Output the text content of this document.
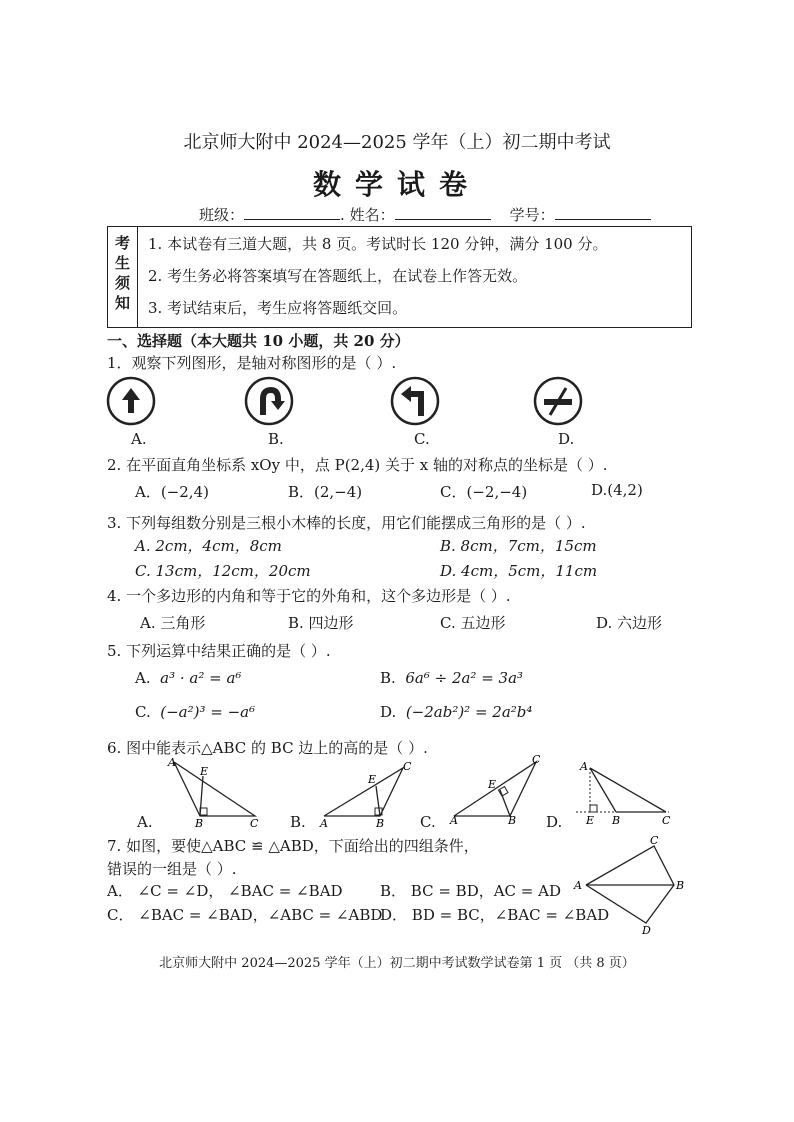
北京师大附中 2024—2025 学年（上）初二期中考试
数学试卷
班级：	. 姓名：	学号：
考
生
须
知
1. 本试卷有三道大题，共 8 页。考试时长 120 分钟，满分 100 分。
2. 考生务必将答案填写在答题纸上，在试卷上作答无效。
3. 考试结束后，考生应将答题纸交回。
一、选择题（本大题共 10 小题，共 20 分）
1．观察下列图形，是轴对称图形的是（ ）.
A.	B.	C.	D.
2. 在平面直角坐标系 xOy 中，点 P(2,4) 关于 x 轴的对称点的坐标是（ ）.
A．(−2,4)	B．(2,−4)	C．(−2,−4)	D.(4,2)
3. 下列每组数分别是三根小木棒的长度，用它们能摆成三角形的是（ ）.
A. 2cm，4cm，8cm	B. 8cm，7cm，15cm
C. 13cm，12cm，20cm	D. 4cm，5cm，11cm
4. 一个多边形的内角和等于它的外角和，这个多边形是（ ）.
A. 三角形	B. 四边形	C. 五边形	D. 六边形
5. 下列运算中结果正确的是（ ）.
A. a³ · a² = a⁶	B. 6a⁶ ÷ 2a² = 3a³
C. (−a²)³ = −a⁶	D. (−2ab²)² = 2a²b⁴
6. 图中能表示△ABC 的 BC 边上的高的是（ ）.
A
E
B	C
A.
E
C
A	B
B.
E
C
A	B
C.
A
E B	C
D.
7. 如图，要使△ABC ≌ △ABD，下面给出的四组条件，
错误的一组是（ ）.
A． ∠C = ∠D， ∠BAC = ∠BAD B． BC = BD，AC = AD
C． ∠BAC = ∠BAD，∠ABC = ∠ABD
D． BD = BC，∠BAC = ∠BAD
A
C
B
D
北京师大附中 2024—2025 学年（上）初二期中考试数学试卷第 1 页 （共 8 页）
